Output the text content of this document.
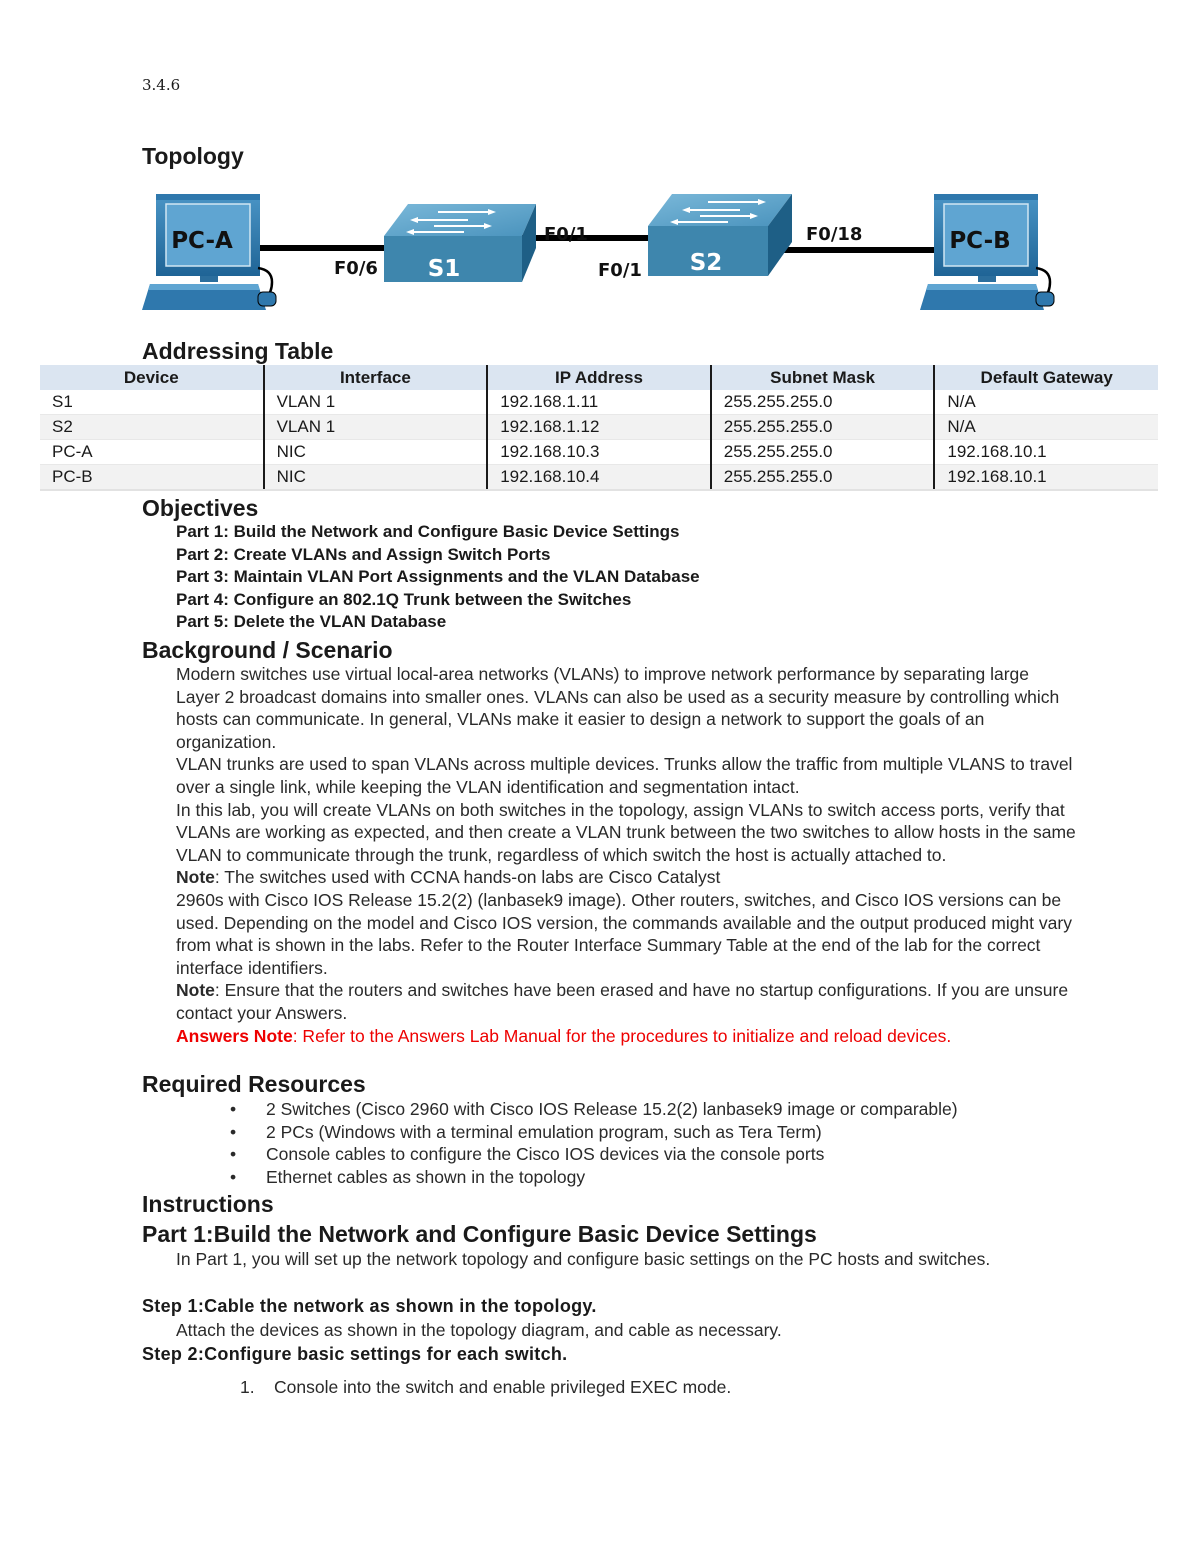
3.4.6
Topology
PC-A	PC-B
S1	S2
F0/6
F0/1
F0/1
F0/18
Addressing Table
Device	Interface	IP Address	Subnet Mask	Default Gateway
S1	VLAN 1	192.168.1.11	255.255.255.0	N/A
S2	VLAN 1	192.168.1.12	255.255.255.0	N/A
PC-A	NIC	192.168.10.3	255.255.255.0	192.168.10.1
PC-B	NIC	192.168.10.4	255.255.255.0	192.168.10.1
Objectives
Part 1: Build the Network and Configure Basic Device Settings
Part 2: Create VLANs and Assign Switch Ports
Part 3: Maintain VLAN Port Assignments and the VLAN Database
Part 4: Configure an 802.1Q Trunk between the Switches
Part 5: Delete the VLAN Database
Background / Scenario

Modern switches use virtual local-area networks (VLANs) to improve network performance by separating large Layer 2 broadcast domains into smaller ones. VLANs can also be used as a security measure by controlling which hosts can communicate. In general, VLANs make it easier to design a network to support the goals of an organization.

VLAN trunks are used to span VLANs across multiple devices. Trunks allow the traffic from multiple VLANS to travel over a single link, while keeping the VLAN identification and segmentation intact.

In this lab, you will create VLANs on both switches in the topology, assign VLANs to switch access ports, verify that VLANs are working as expected, and then create a VLAN trunk between the two switches to allow hosts in the same VLAN to communicate through the trunk, regardless of which switch the host is actually attached to.

Note: The switches used with CCNA hands-on labs are Cisco Catalyst
2960s with Cisco IOS Release 15.2(2) (lanbasek9 image). Other routers, switches, and Cisco IOS versions can be used. Depending on the model and Cisco IOS version, the commands available and the output produced might vary from what is shown in the labs. Refer to the Router Interface Summary Table at the end of the lab for the correct interface identifiers.

Note: Ensure that the routers and switches have been erased and have no startup configurations. If you are unsure contact your Answers.

Answers Note: Refer to the Answers Lab Manual for the procedures to initialize and reload devices.

Required Resources
• 2 Switches (Cisco 2960 with Cisco IOS Release 15.2(2) lanbasek9 image or comparable)
• 2 PCs (Windows with a terminal emulation program, such as Tera Term)
• Console cables to configure the Cisco IOS devices via the console ports
• Ethernet cables as shown in the topology
Instructions
Part 1:Build the Network and Configure Basic Device Settings
In Part 1, you will set up the network topology and configure basic settings on the PC hosts and switches.
Step 1:Cable the network as shown in the topology.
Attach the devices as shown in the topology diagram, and cable as necessary.
Step 2:Configure basic settings for each switch.
1. Console into the switch and enable privileged EXEC mode.
